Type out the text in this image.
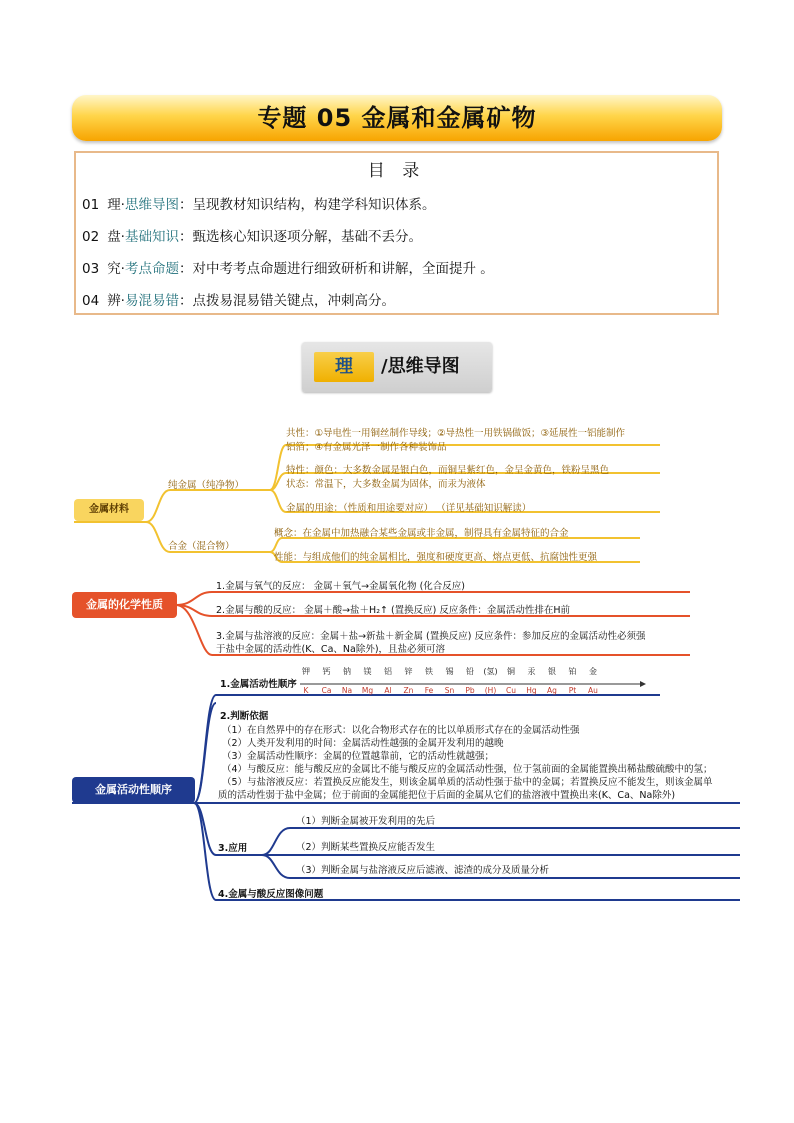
专题 05 金属和金属矿物
目 录
01 理·思维导图：呈现教材知识结构，构建学科知识体系。
02 盘·基础知识：甄选核心知识逐项分解，基础不丢分。
03 究·考点命题：对中考考点命题进行细致研析和讲解，全面提升 。
04 辨·易混易错：点拨易混易错关键点，冲刺高分。
理	/思维导图
金属材料
纯金属（纯净物）
合金（混合物）
共性：①导电性一用铜丝制作导线；②导热性一用铁锅做饭；③延展性一铝能制作
铝箔；④有金属光泽一制作各种装饰品
特性：颜色：大多数金属是银白色，而铜呈紫红色，金呈金黄色，铁粉呈黑色
状态：常温下，大多数金属为固体，而汞为液体
金属的用途：（性质和用途要对应） （详见基础知识解读）
概念：在金属中加热融合某些金属或非金属，制得具有金属特征的合金
性能：与组成他们的纯金属相比，强度和硬度更高、熔点更低、抗腐蚀性更强
金属的化学性质
1.金属与氧气的反应： 金属＋氧气→金属氧化物 (化合反应)
2.金属与酸的反应： 金属＋酸→盐＋H₂↑ (置换反应) 反应条件：金属活动性排在H前
3.金属与盐溶液的反应：金属＋盐→新盐＋新金属 (置换反应) 反应条件：参加反应的金属活动性必须强
于盐中金属的活动性(K、Ca、Na除外)，且盐必须可溶
金属活动性顺序
1.金属活动性顺序
钾
K
钙
Ca
钠
Na
镁
Mg
铝
Al
锌
Zn
铁
Fe
锡
Sn
铅
Pb
(氢)
(H)
铜
Cu
汞
Hg
银
Ag
铂
Pt
金
Au
2.判断依据
（1）在自然界中的存在形式：以化合物形式存在的比以单质形式存在的金属活动性强
（2）人类开发利用的时间：金属活动性越强的金属开发利用的越晚
（3）金属活动性顺序：金属的位置越靠前，它的活动性就越强；
（4）与酸反应：能与酸反应的金属比不能与酸反应的金属活动性强，位于氢前面的金属能置换出稀盐酸硫酸中的氢；
（5）与盐溶液反应：若置换反应能发生，则该金属单质的活动性强于盐中的金属；若置换反应不能发生，则该金属单
质的活动性弱于盐中金属；位于前面的金属能把位于后面的金属从它们的盐溶液中置换出来(K、Ca、Na除外)
3.应用
（1）判断金属被开发利用的先后
（2）判断某些置换反应能否发生
（3）判断金属与盐溶液反应后滤液、滤渣的成分及质量分析
4.金属与酸反应图像问题
